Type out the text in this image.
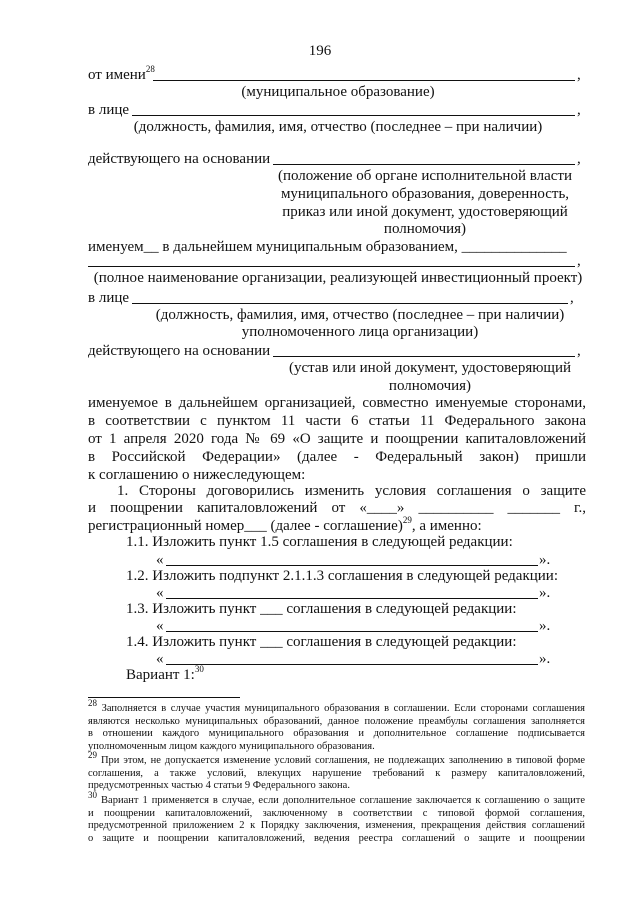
196
от имени$^{28}$	,
(муниципальное образование)
в лице	,
(должность, фамилия, имя, отчество (последнее – при наличии)
действующего на основании	,
(положение об органе исполнительной власти
муниципального образования, доверенность,
приказ или иной документ, удостоверяющий
полномочия)
именуем__ в дальнейшем муниципальным образованием, ______________
,
(полное наименование организации, реализующей инвестиционный проект)
в лице	,
(должность, фамилия, имя, отчество (последнее – при наличии)
уполномоченного лица организации)
действующего на основании	,
(устав или иной документ, удостоверяющий
полномочия)
именуемое в дальнейшем организацией, совместно именуемые сторонами,
в соответствии с пунктом 11 части 6 статьи 11 Федерального закона
от 1 апреля 2020 года № 69 «О защите и поощрении капиталовложений
в Российской Федерации» (далее - Федеральный закон) пришли
к соглашению о нижеследующем:
1. Стороны договорились изменить условия соглашения о защите
и поощрении капиталовложений от «____» __________ _______ г.,
регистрационный номер___ (далее - соглашение)$^{29}$, а именно:
1.1. Изложить пункт 1.5 соглашения в следующей редакции:
«	».
1.2. Изложить подпункт 2.1.1.3 соглашения в следующей редакции:
«	».
1.3. Изложить пункт ___ соглашения в следующей редакции:
«	».
1.4. Изложить пункт ___ соглашения в следующей редакции:
«	».
Вариант 1:$^{30}$
$^{28}$ Заполняется в случае участия муниципального образования в соглашении. Если сторонами соглашения
являются несколько муниципальных образований, данное положение преамбулы соглашения заполняется
в отношении каждого муниципального образования и дополнительное соглашение подписывается
уполномоченным лицом каждого муниципального образования.
$^{29}$ При этом, не допускается изменение условий соглашения, не подлежащих заполнению в типовой форме
соглашения, а также условий, влекущих нарушение требований к размеру капиталовложений,
предусмотренных частью 4 статьи 9 Федерального закона.
$^{30}$ Вариант 1 применяется в случае, если дополнительное соглашение заключается к соглашению о защите
и поощрении капиталовложений, заключенному в соответствии с типовой формой соглашения,
предусмотренной приложением 2 к Порядку заключения, изменения, прекращения действия соглашений
о защите и поощрении капиталовложений, ведения реестра соглашений о защите и поощрении
